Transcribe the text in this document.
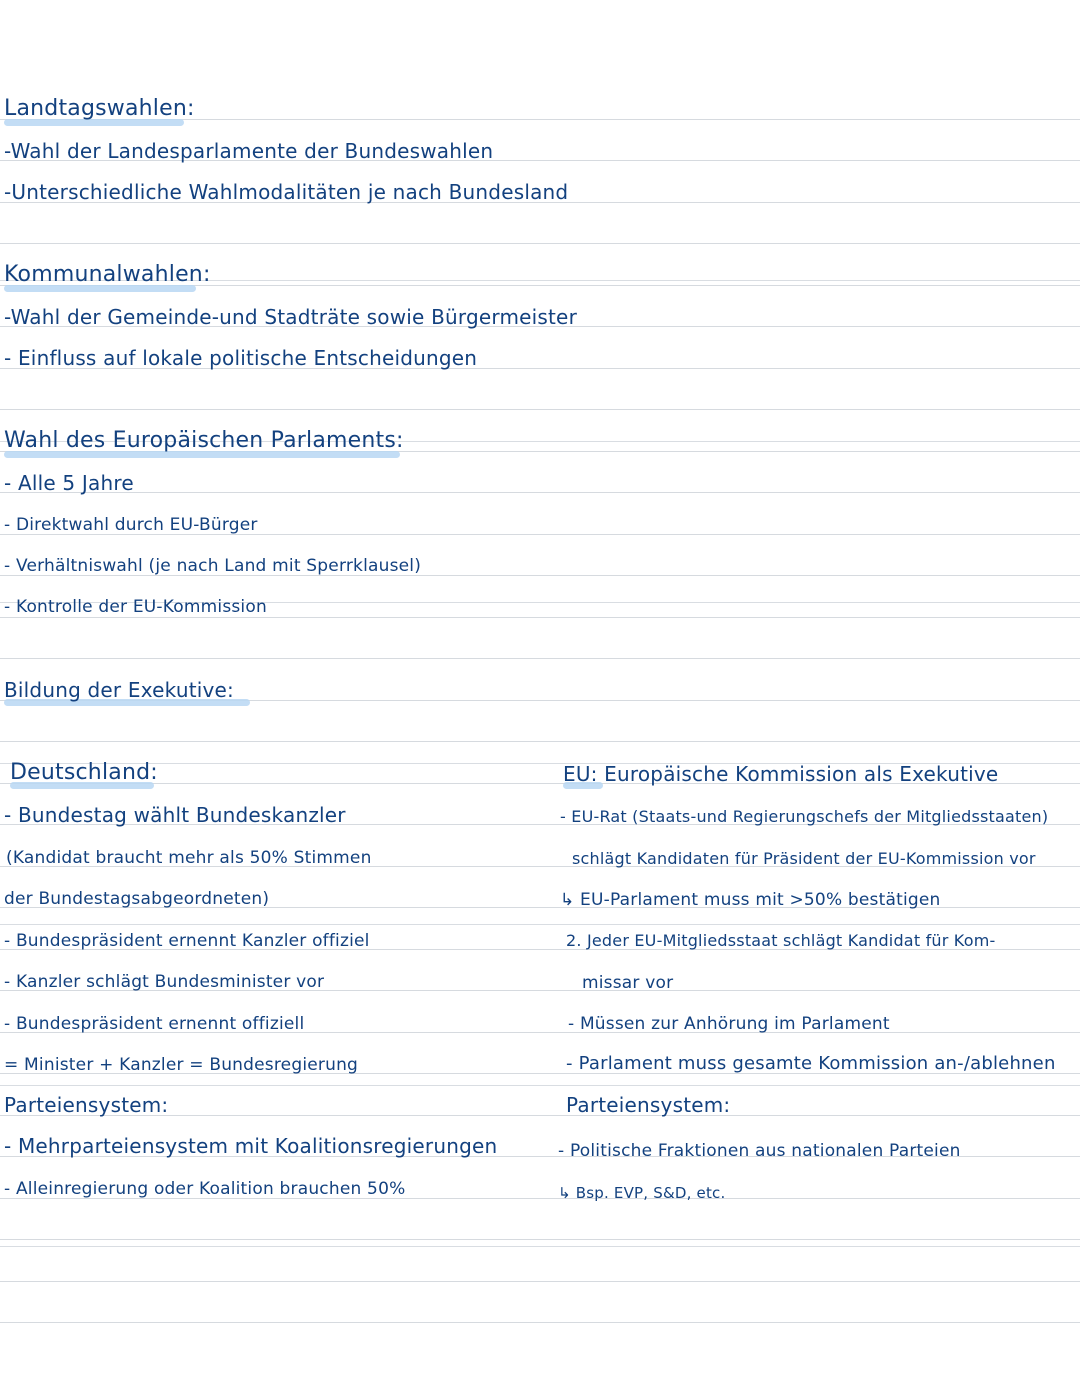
Landtagswahlen:
-Wahl der Landesparlamente der Bundeswahlen
-Unterschiedliche Wahlmodalitäten je nach Bundesland
Kommunalwahlen:
-Wahl der Gemeinde-und Stadträte sowie Bürgermeister
- Einfluss auf lokale politische Entscheidungen
Wahl des Europäischen Parlaments:
- Alle 5 Jahre
- Direktwahl durch EU-Bürger
- Verhältniswahl (je nach Land mit Sperrklausel)
- Kontrolle der EU-Kommission
Bildung der Exekutive:
Deutschland:
- Bundestag wählt Bundeskanzler
(Kandidat braucht mehr als 50% Stimmen
der Bundestagsabgeordneten)
- Bundespräsident ernennt Kanzler offiziel
- Kanzler schlägt Bundesminister vor
- Bundespräsident ernennt offiziell
= Minister + Kanzler = Bundesregierung
Parteiensystem:
- Mehrparteiensystem mit Koalitionsregierungen
- Alleinregierung oder Koalition brauchen 50%
EU: Europäische Kommission als Exekutive
- EU-Rat (Staats-und Regierungschefs der Mitgliedsstaaten)
schlägt Kandidaten für Präsident der EU-Kommission vor
↳ EU-Parlament muss mit >50% bestätigen
2. Jeder EU-Mitgliedsstaat schlägt Kandidat für Kom-
missar vor
- Müssen zur Anhörung im Parlament
- Parlament muss gesamte Kommission an-/ablehnen
Parteiensystem:
- Politische Fraktionen aus nationalen Parteien
↳ Bsp. EVP, S&D, etc.
